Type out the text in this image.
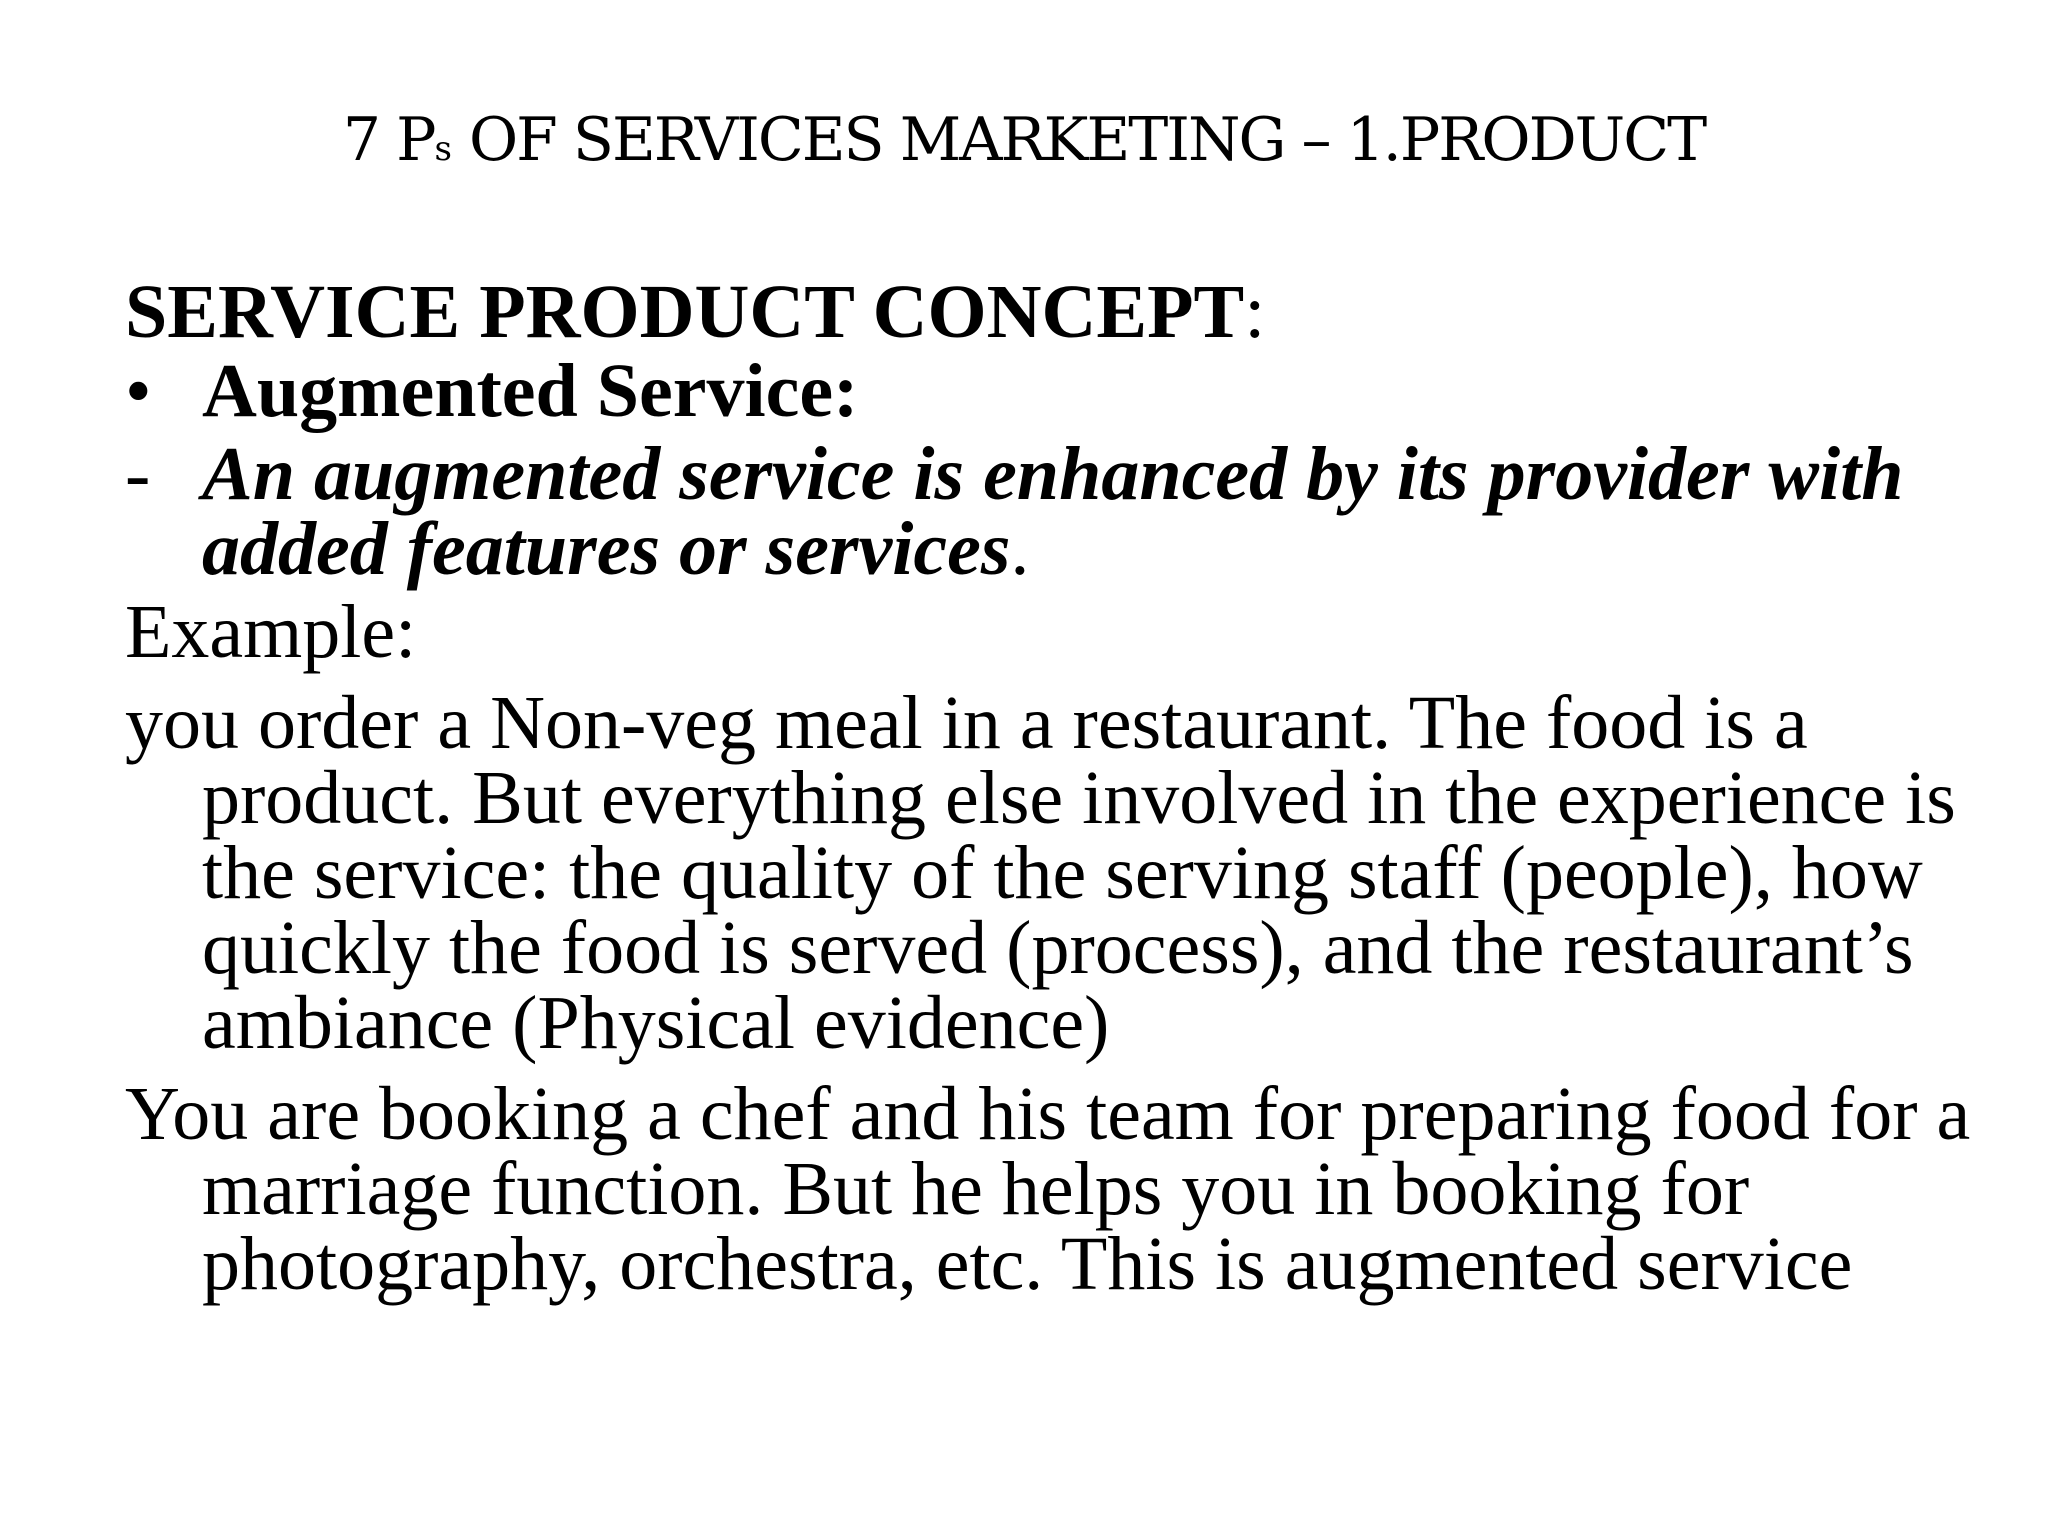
7 Ps OF SERVICES MARKETING – 1.PRODUCT
SERVICE PRODUCT CONCEPT:
• Augmented Service:
- An augmented service is enhanced by its provider with added features or services.
Example:
you order a Non-veg meal in a restaurant. The food is a product. But everything else involved in the experience is the service: the quality of the serving staff (people), how quickly the food is served (process), and the restaurant’s ambiance (Physical evidence)
You are booking a chef and his team for preparing food for a marriage function. But he helps you in booking for photography, orchestra, etc. This is augmented service
